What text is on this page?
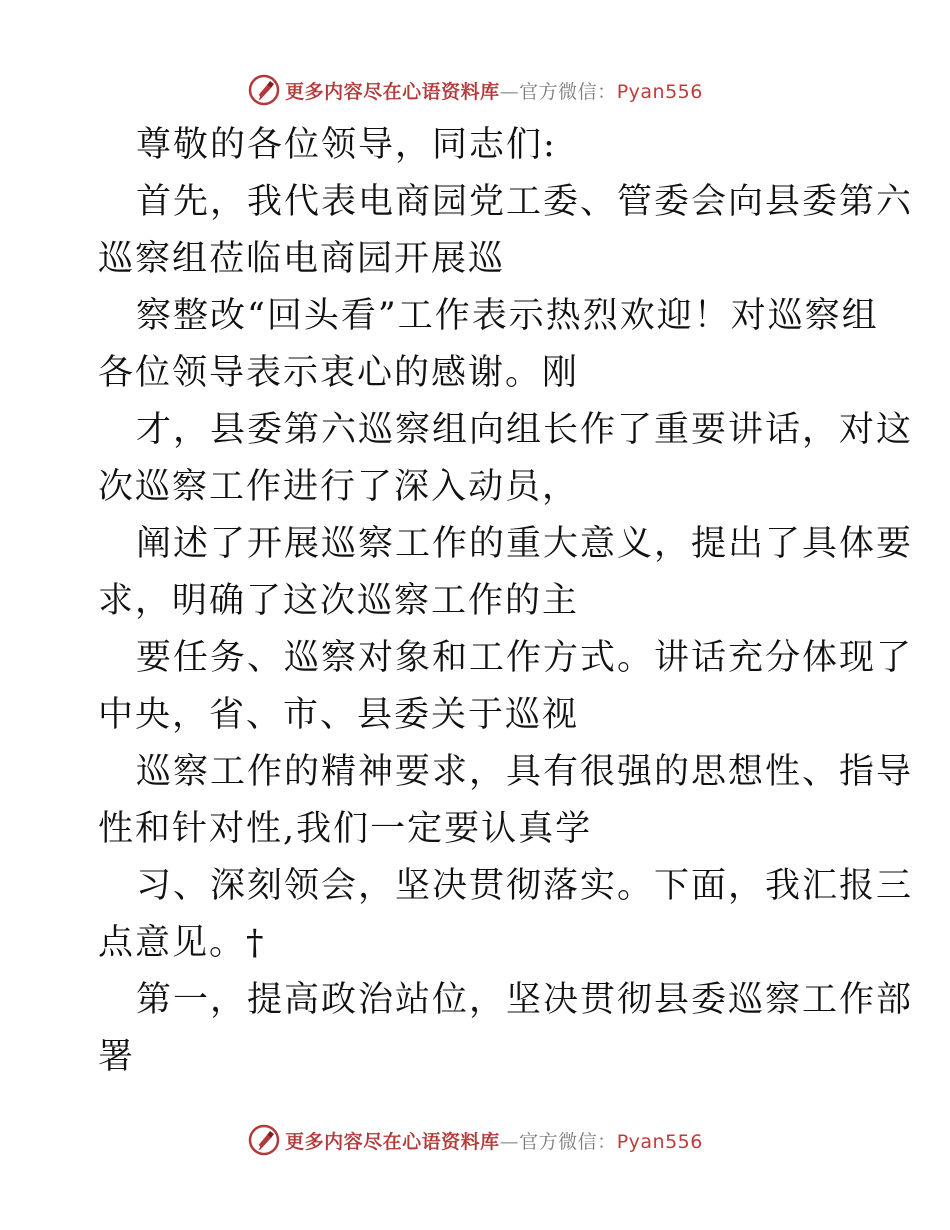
更多内容尽在心语资料库—官方微信：Pyan556
尊敬的各位领导，同志们:
首先，我代表电商园党工委、管委会向县委第六
巡察组莅临电商园开展巡
察整改“回头看”工作表示热烈欢迎！对巡察组
各位领导表示衷心的感谢。刚
才，县委第六巡察组向组长作了重要讲话，对这
次巡察工作进行了深入动员，
阐述了开展巡察工作的重大意义，提出了具体要
求，明确了这次巡察工作的主
要任务、巡察对象和工作方式。讲话充分体现了
中央，省、市、县委关于巡视
巡察工作的精神要求，具有很强的思想性、指导
性和针对性,我们一定要认真学
习、深刻领会，坚决贯彻落实。下面，我汇报三
点意见。†
第一，提高政治站位，坚决贯彻县委巡察工作部
署
更多内容尽在心语资料库—官方微信：Pyan556
